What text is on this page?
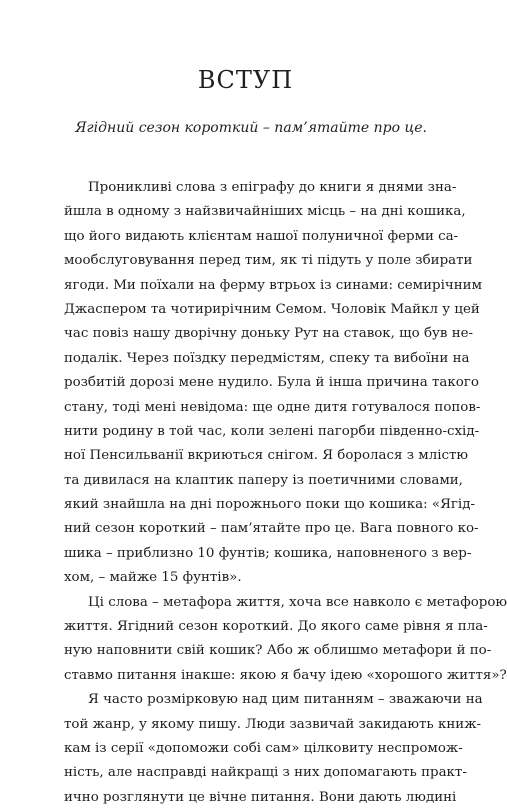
ВСТУП
Ягідний сезон короткий – пам’ятайте про це.
Проникливі слова з епіграфу до книги я днями зна-
йшла в одному з найзвичайніших місць – на дні кошика,
що його видають клієнтам нашої полуничної ферми са-
мообслуговування перед тим, як ті підуть у поле збирати
ягоди. Ми поїхали на ферму втрьох із синами: семирічним
Джаспером та чотирирічним Семом. Чоловік Майкл у цей
час повіз нашу дворічну доньку Рут на ставок, що був не-
подалік. Через поїздку передмістям, спеку та вибоїни на
розбитій дорозі мене нудило. Була й інша причина такого
стану, тоді мені невідома: ще одне дитя готувалося попов-
нити родину в той час, коли зелені пагорби південно-схід-
ної Пенсильванії вкриються снігом. Я боролася з млістю
та дивилася на клаптик паперу із поетичними словами,
який знайшла на дні порожнього поки що кошика: «Ягід-
ний сезон короткий – пам’ятайте про це. Вага повного ко-
шика – приблизно 10 фунтів; кошика, наповненого з вер-
хом, – майже 15 фунтів».
Ці слова – метафора життя, хоча все навколо є метафорою
життя. Ягідний сезон короткий. До якого саме рівня я пла-
ную наповнити свій кошик? Або ж облишмо метафори й по-
ставмо питання інакше: якою я бачу ідею «хорошого життя»?
Я часто розмірковую над цим питанням – зважаючи на
той жанр, у якому пишу. Люди зазвичай закидають книж-
кам із серії «допоможи собі сам» цілковиту неспромож-
ність, але насправді найкращі з них допомагають практ-
ично розглянути це вічне питання. Вони дають людині
